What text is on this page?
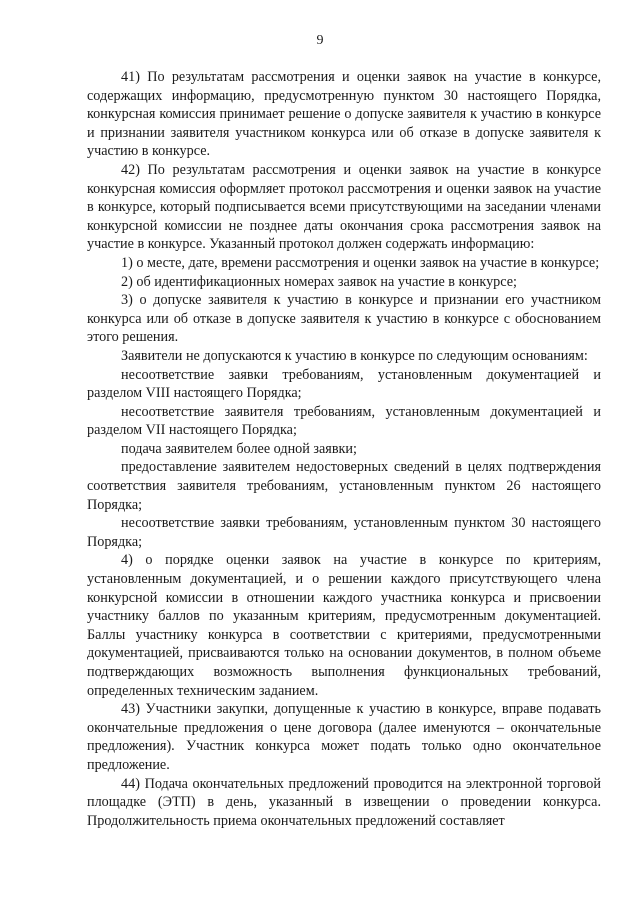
9

41) По результатам рассмотрения и оценки заявок на участие в конкурсе, содержащих информацию, предусмотренную пунктом 30 настоящего Порядка, конкурсная комиссия принимает решение о допуске заявителя к участию в конкурсе и признании заявителя участником конкурса или об отказе в допуске заявителя к участию в конкурсе.

42) По результатам рассмотрения и оценки заявок на участие в конкурсе конкурсная комиссия оформляет протокол рассмотрения и оценки заявок на участие в конкурсе, который подписывается всеми присутствующими на заседании членами конкурсной комиссии не позднее даты окончания срока рассмотрения заявок на участие в конкурсе. Указанный протокол должен содержать информацию:

1) о месте, дате, времени рассмотрения и оценки заявок на участие в конкурсе;

2) об идентификационных номерах заявок на участие в конкурсе;

3) о допуске заявителя к участию в конкурсе и признании его участником конкурса или об отказе в допуске заявителя к участию в конкурсе с обоснованием этого решения.

Заявители не допускаются к участию в конкурсе по следующим основаниям:

несоответствие заявки требованиям, установленным документацией и разделом VIII настоящего Порядка;

несоответствие заявителя требованиям, установленным документацией и разделом VII настоящего Порядка;

подача заявителем более одной заявки;

предоставление заявителем недостоверных сведений в целях подтверждения соответствия заявителя требованиям, установленным пунктом 26 настоящего Порядка;

несоответствие заявки требованиям, установленным пунктом 30 настоящего Порядка;

4) о порядке оценки заявок на участие в конкурсе по критериям, установленным документацией, и о решении каждого присутствующего члена конкурсной комиссии в отношении каждого участника конкурса и присвоении участнику баллов по указанным критериям, предусмотренным документацией. Баллы участнику конкурса в соответствии с критериями, предусмотренными документацией, присваиваются только на основании документов, в полном объеме подтверждающих возможность выполнения функциональных требований, определенных техническим заданием.

43) Участники закупки, допущенные к участию в конкурсе, вправе подавать окончательные предложения о цене договора (далее именуются – окончательные предложения). Участник конкурса может подать только одно окончательное предложение.

44) Подача окончательных предложений проводится на электронной торговой площадке (ЭТП) в день, указанный в извещении о проведении конкурса. Продолжительность приема окончательных предложений составляет
